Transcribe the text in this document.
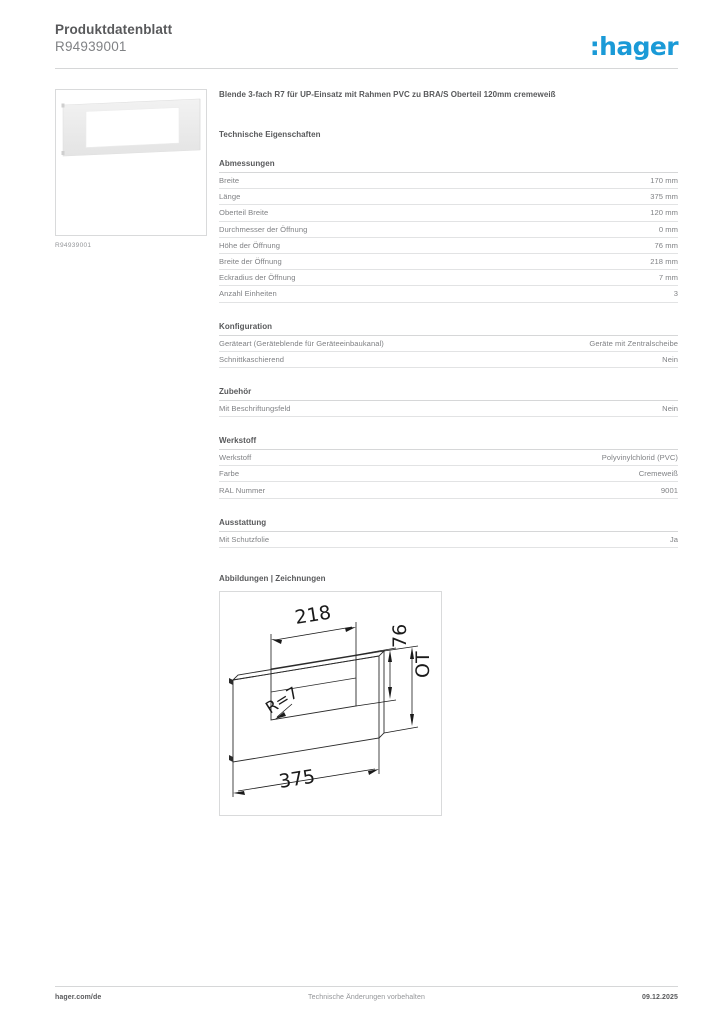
Produktdatenblatt
R94939001	:hager
R94939001
Blende 3-fach R7 für UP-Einsatz mit Rahmen PVC zu BRA/S Oberteil 120mm cremeweiß
Technische Eigenschaften
Abmessungen
Breite	170 mm
Länge	375 mm
Oberteil Breite	120 mm
Durchmesser der Öffnung	0 mm
Höhe der Öffnung	76 mm
Breite der Öffnung	218 mm
Eckradius der Öffnung	7 mm
Anzahl Einheiten	3
Konfiguration
Geräteart (Geräteblende für Geräteeinbaukanal)	Geräte mit Zentralscheibe
Schnittkaschierend	Nein
Zubehör
Mit Beschriftungsfeld	Nein
Werkstoff
Werkstoff	Polyvinylchlorid (PVC)
Farbe	Cremeweiß
RAL Nummer	9001
Ausstattung
Mit Schutzfolie	Ja
Abbildungen | Zeichnungen
218
R=7
76
OT
375
hager.com/de	Technische Änderungen vorbehalten	09.12.2025
